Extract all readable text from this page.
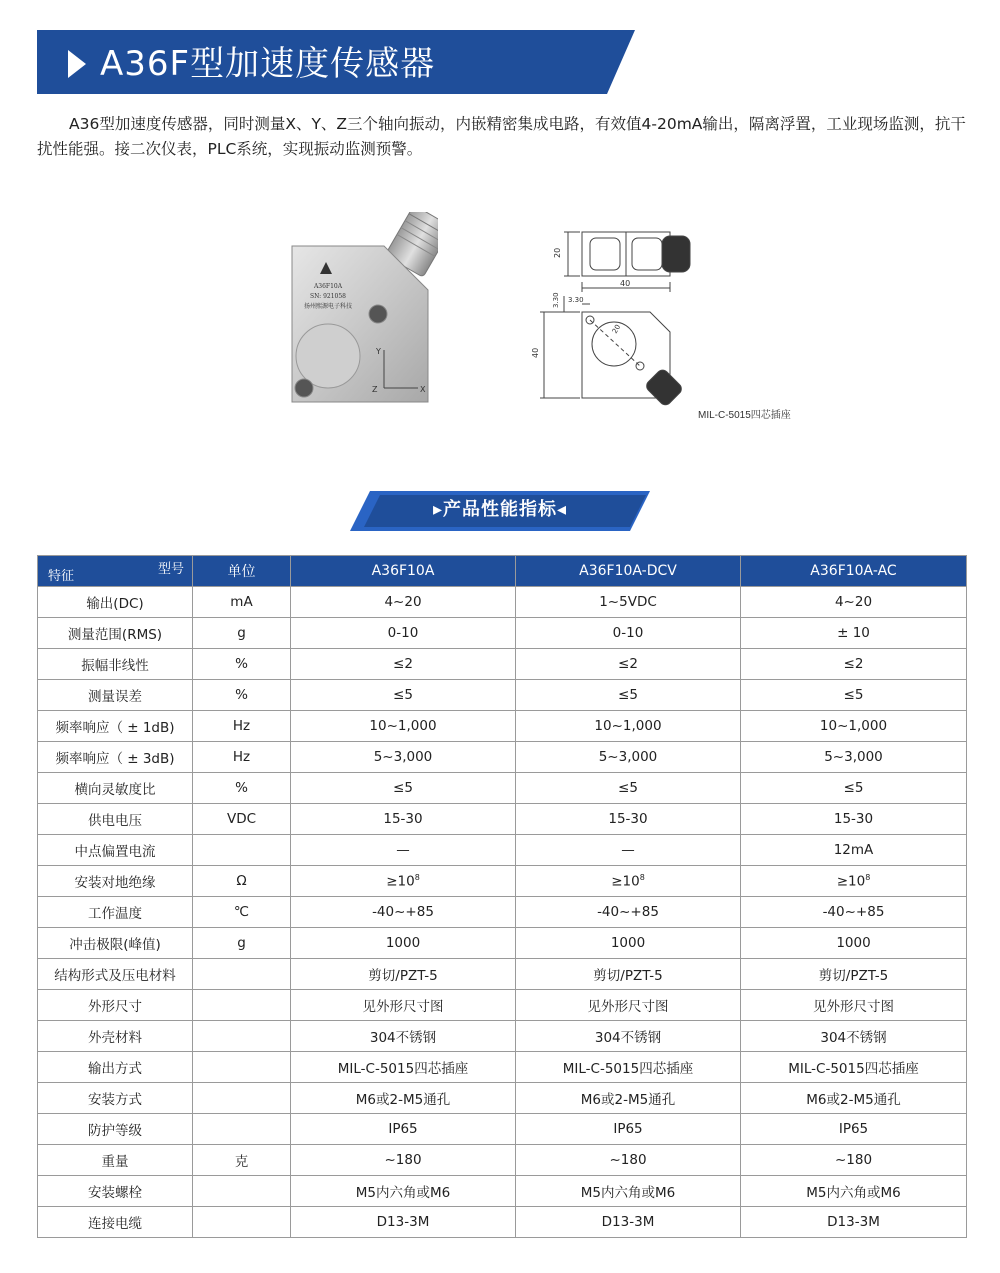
A36F型加速度传感器
A36型加速度传感器，同时测量X、Y、Z三个轴向振动，内嵌精密集成电路，有效值4-20mA输出，隔离浮置，工业现场监测，抗干扰性能强。接二次仪表，PLC系统，实现振动监测预警。
A36F10A
SN: 921058
扬州熙源电子科技
Y
Z	X
20
40
3.30 3.30
40
20
MIL-C-5015四芯插座
▸产品性能指标◂
特征 型号	单位	A36F10A	A36F10A-DCV	A36F10A-AC
输出(DC)	mA	4~20	1~5VDC	4~20
测量范围(RMS)	g	0-10	0-10	± 10
振幅非线性	%	≤2	≤2	≤2
测量误差	%	≤5	≤5	≤5
频率响应（ ± 1dB)	Hz	10~1,000	10~1,000	10~1,000
频率响应（ ± 3dB)	Hz	5~3,000	5~3,000	5~3,000
横向灵敏度比	%	≤5	≤5	≤5
供电电压	VDC	15-30	15-30	15-30
中点偏置电流		—	—	12mA
安装对地绝缘	Ω	$\ge 10^8$	$\ge 10^8$	$\ge 10^8$
工作温度	℃	-40~+85	-40~+85	-40~+85
冲击极限(峰值)	g	1000	1000	1000
结构形式及压电材料		剪切/PZT-5	剪切/PZT-5	剪切/PZT-5
外形尺寸		见外形尺寸图	见外形尺寸图	见外形尺寸图
外壳材料		304不锈钢	304不锈钢	304不锈钢
输出方式		MIL-C-5015四芯插座	MIL-C-5015四芯插座	MIL-C-5015四芯插座
安装方式		M6或2-M5通孔	M6或2-M5通孔	M6或2-M5通孔
防护等级		IP65	IP65	IP65
重量	克	~180	~180	~180
安装螺栓		M5内六角或M6	M5内六角或M6	M5内六角或M6
连接电缆		D13-3M	D13-3M	D13-3M
